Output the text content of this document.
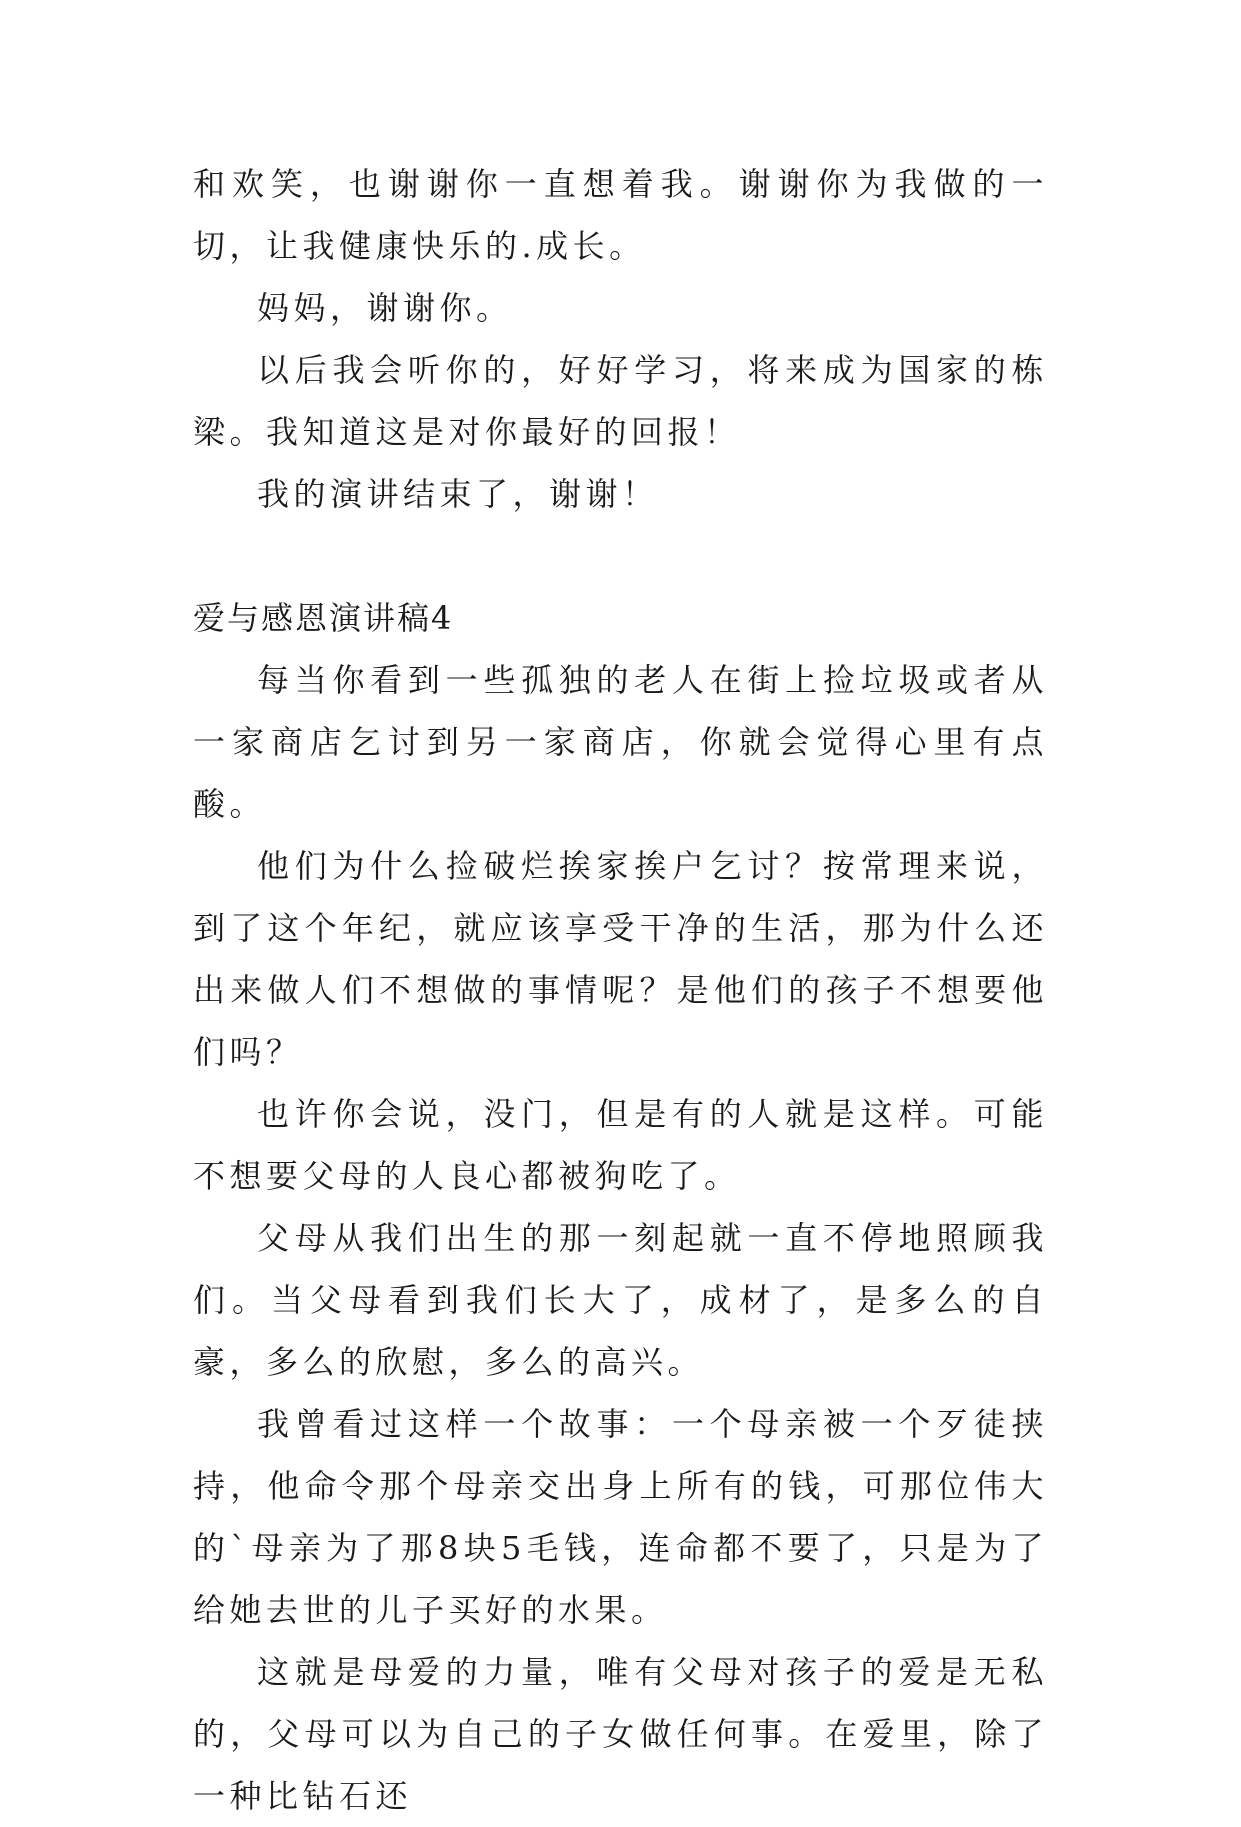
和欢笑，也谢谢你一直想着我。谢谢你为我做的一切，让我健康快乐的.成长。

妈妈，谢谢你。

以后我会听你的，好好学习，将来成为国家的栋梁。我知道这是对你最好的回报！

我的演讲结束了，谢谢！

爱与感恩演讲稿4

每当你看到一些孤独的老人在街上捡垃圾或者从一家商店乞讨到另一家商店，你就会觉得心里有点酸。

他们为什么捡破烂挨家挨户乞讨？按常理来说，到了这个年纪，就应该享受干净的生活，那为什么还出来做人们不想做的事情呢？是他们的孩子不想要他们吗？

也许你会说，没门，但是有的人就是这样。可能不想要父母的人良心都被狗吃了。

父母从我们出生的那一刻起就一直不停地照顾我们。当父母看到我们长大了，成材了，是多么的自豪，多么的欣慰，多么的高兴。

我曾看过这样一个故事：一个母亲被一个歹徒挟持，他命令那个母亲交出身上所有的钱，可那位伟大的`母亲为了那8块5毛钱，连命都不要了，只是为了给她去世的儿子买好的水果。

这就是母爱的力量，唯有父母对孩子的爱是无私的，父母可以为自己的子女做任何事。在爱里，除了一种比钻石还
